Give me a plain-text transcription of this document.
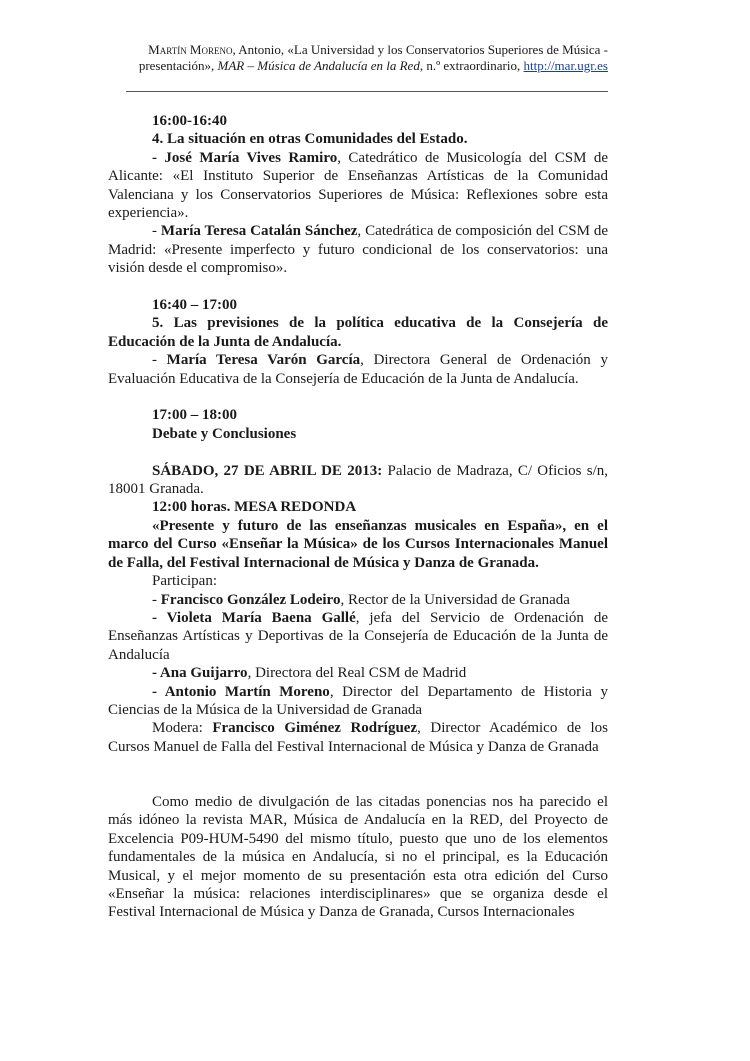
Martín Moreno, Antonio, «La Universidad y los Conservatorios Superiores de Música -
presentación», MAR – Música de Andalucía en la Red, n.º extraordinario, http://mar.ugr.es

16:00-16:40

4. La situación en otras Comunidades del Estado.

- José María Vives Ramiro, Catedrático de Musicología del CSM de Alicante: «El Instituto Superior de Enseñanzas Artísticas de la Comunidad Valenciana y los Conservatorios Superiores de Música: Reflexiones sobre esta experiencia».

- María Teresa Catalán Sánchez, Catedrática de composición del CSM de Madrid: «Presente imperfecto y futuro condicional de los conservatorios: una visión desde el compromiso».

16:40 – 17:00

5. Las previsiones de la política educativa de la Consejería de Educación de la Junta de Andalucía.

- María Teresa Varón García, Directora General de Ordenación y Evaluación Educativa de la Consejería de Educación de la Junta de Andalucía.

17:00 – 18:00

Debate y Conclusiones

SÁBADO, 27 DE ABRIL DE 2013: Palacio de Madraza, C/ Oficios s/n, 18001 Granada.

12:00 horas. MESA REDONDA

«Presente y futuro de las enseñanzas musicales en España», en el marco del Curso «Enseñar la Música» de los Cursos Internacionales Manuel de Falla, del Festival Internacional de Música y Danza de Granada.

Participan:

- Francisco González Lodeiro, Rector de la Universidad de Granada

- Violeta María Baena Gallé, jefa del Servicio de Ordenación de Enseñanzas Artísticas y Deportivas de la Consejería de Educación de la Junta de Andalucía

- Ana Guijarro, Directora del Real CSM de Madrid

- Antonio Martín Moreno, Director del Departamento de Historia y Ciencias de la Música de la Universidad de Granada

Modera: Francisco Giménez Rodríguez, Director Académico de los Cursos Manuel de Falla del Festival Internacional de Música y Danza de Granada

Como medio de divulgación de las citadas ponencias nos ha parecido el más idóneo la revista MAR, Música de Andalucía en la RED, del Proyecto de Excelencia P09-HUM-5490 del mismo título, puesto que uno de los elementos fundamentales de la música en Andalucía, si no el principal, es la Educación Musical, y el mejor momento de su presentación esta otra edición del Curso «Enseñar la música: relaciones interdisciplinares» que se organiza desde el Festival Internacional de Música y Danza de Granada, Cursos Internacionales
